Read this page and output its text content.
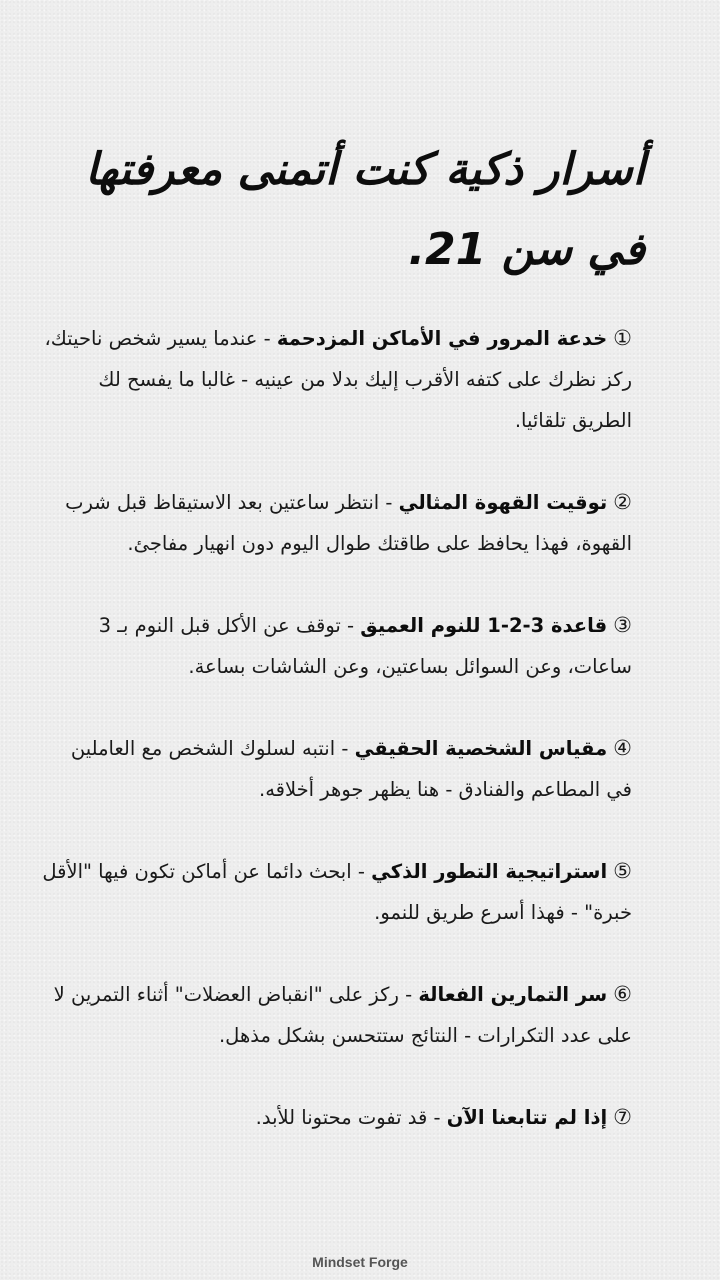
أسرار ذكية كنت أتمنى معرفتها في سن 21.
①خدعة المرور في الأماكن المزدحمة - عندما يسير شخص ناحيتك، ركز نظرك على كتفه الأقرب إليك بدلا من عينيه - غالبا ما يفسح لك الطريق تلقائيا.
②توقيت القهوة المثالي - انتظر ساعتين بعد الاستيقاظ قبل شرب القهوة، فهذا يحافظ على طاقتك طوال اليوم دون انهيار مفاجئ.
③قاعدة 3-2-1 للنوم العميق - توقف عن الأكل قبل النوم بـ 3 ساعات، وعن السوائل بساعتين، وعن الشاشات بساعة.
④مقياس الشخصية الحقيقي - انتبه لسلوك الشخص مع العاملين في المطاعم والفنادق - هنا يظهر جوهر أخلاقه.
⑤استراتيجية التطور الذكي - ابحث دائما عن أماكن تكون فيها "الأقل خبرة" - فهذا أسرع طريق للنمو.
⑥سر التمارين الفعالة - ركز على "انقباض العضلات" أثناء التمرين لا على عدد التكرارات - النتائج ستتحسن بشكل مذهل.
⑦إذا لم تتابعنا الآن - قد تفوت محتونا للأبد.
Mindset Forge
